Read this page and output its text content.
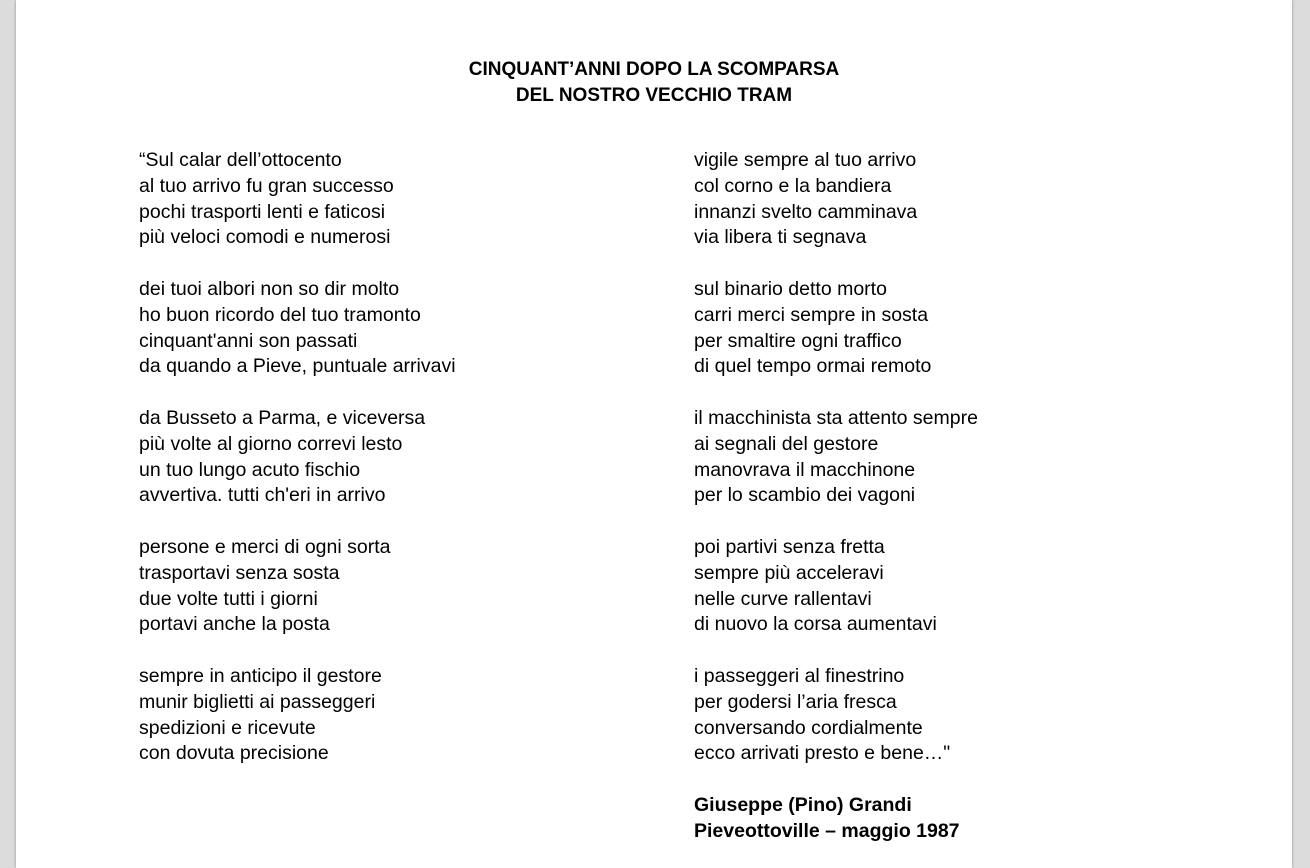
CINQUANT’ANNI DOPO LA SCOMPARSA
DEL NOSTRO VECCHIO TRAM
“Sul calar dell’ottocento
al tuo arrivo fu gran successo
pochi trasporti lenti e faticosi
più veloci comodi e numerosi
dei tuoi albori non so dir molto
ho buon ricordo del tuo tramonto
cinquant'anni son passati
da quando a Pieve, puntuale arrivavi
da Busseto a Parma, e viceversa
più volte al giorno correvi lesto
un tuo lungo acuto fischio
avvertiva. tutti ch'eri in arrivo
persone e merci di ogni sorta
trasportavi senza sosta
due volte tutti i giorni
portavi anche la posta
sempre in anticipo il gestore
munir biglietti ai passeggeri
spedizioni e ricevute
con dovuta precisione
vigile sempre al tuo arrivo
col corno e la bandiera
innanzi svelto camminava
via libera ti segnava
sul binario detto morto
carri merci sempre in sosta
per smaltire ogni traffico
di quel tempo ormai remoto
il macchinista sta attento sempre
ai segnali del gestore
manovrava il macchinone
per lo scambio dei vagoni
poi partivi senza fretta
sempre più acceleravi
nelle curve rallentavi
di nuovo la corsa aumentavi
i passeggeri al finestrino
per godersi l’aria fresca
conversando cordialmente
ecco arrivati presto e bene…"
Giuseppe (Pino) Grandi
Pieveottoville – maggio 1987
